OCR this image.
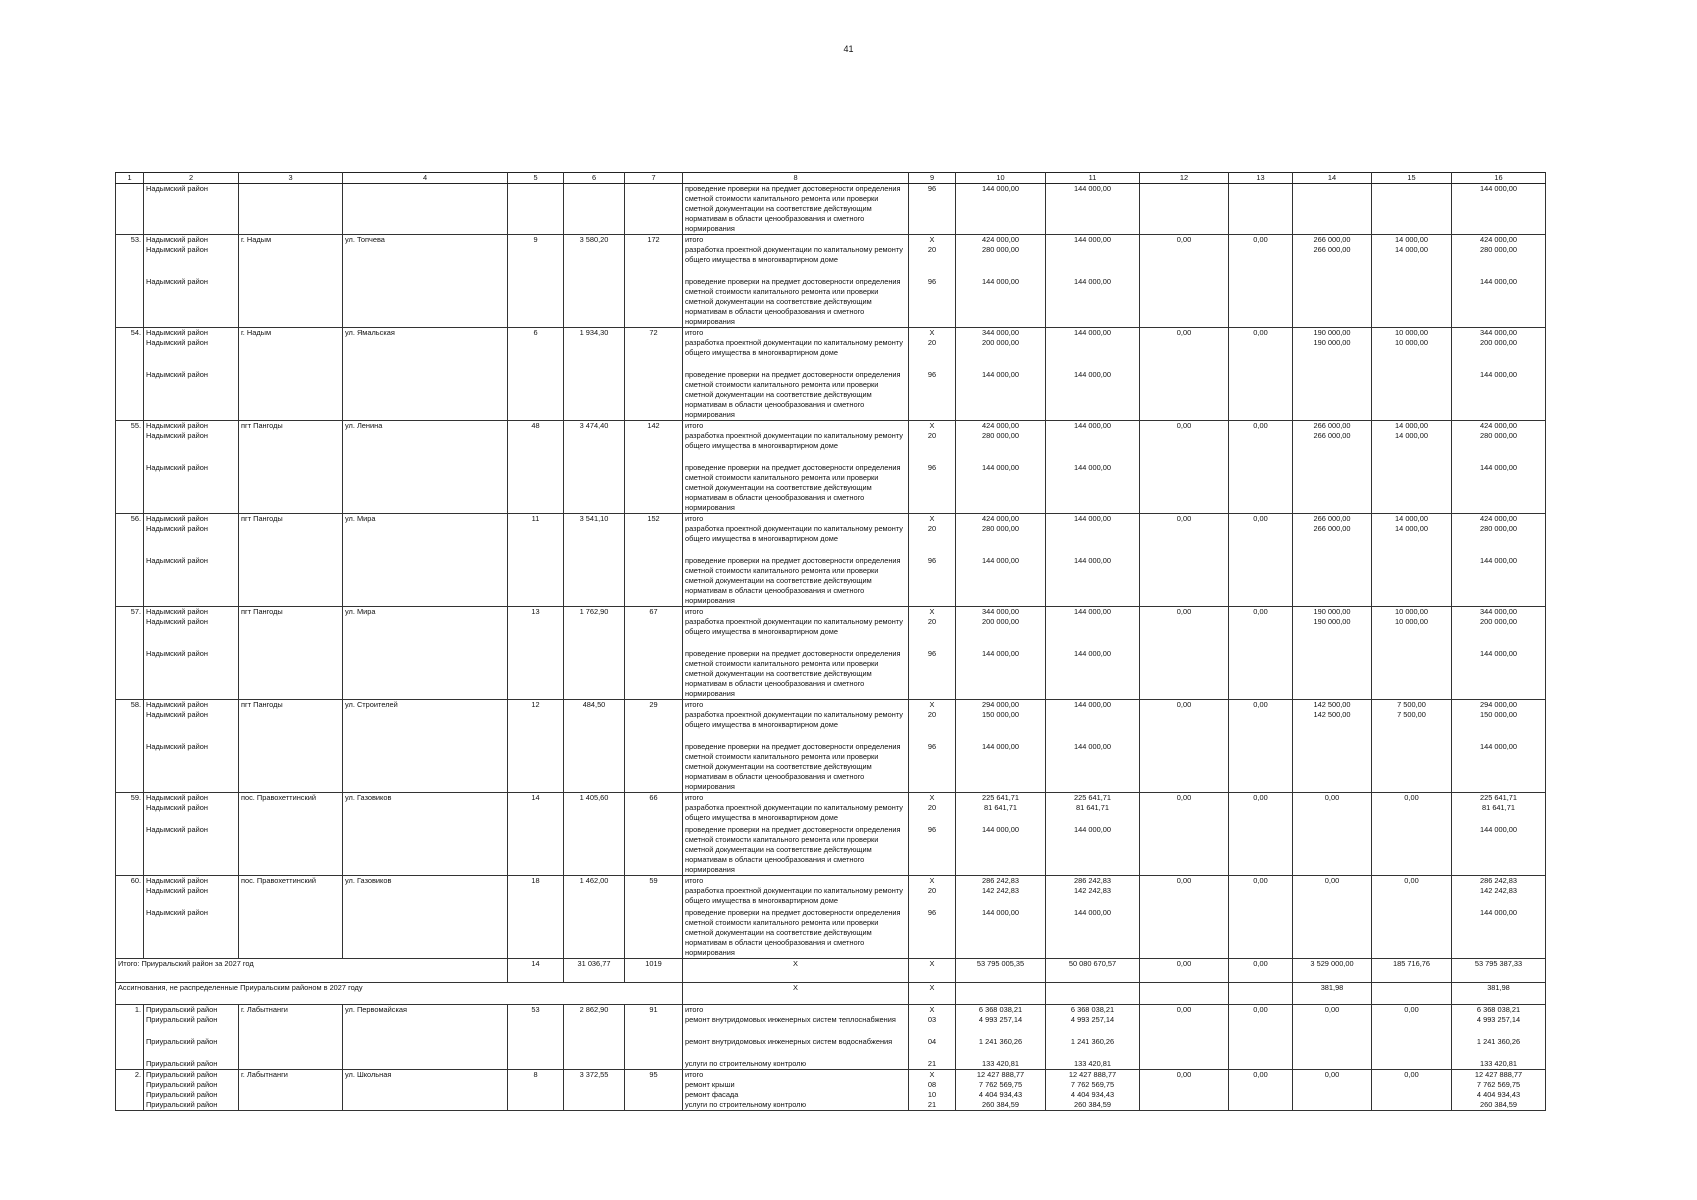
41
1	2	3	4	5	6	7	8	9	10	11	12	13	14	15	16
	Надымский район						проведение проверки на предмет достоверности определения сметной стоимости капитального ремонта или проверки сметной документации на соответствие действующим нормативам в области ценообразования и сметного нормирования	96	144 000,00	144 000,00					144 000,00
53.	Надымский район	г. Надым	ул. Топчева	9	3 580,20	172	итого	Х	424 000,00	144 000,00	0,00	0,00	266 000,00	14 000,00	424 000,00
	Надымский район						разработка проектной документации по капитальному ремонту общего имущества в многоквартирном доме	20	280 000,00				266 000,00	14 000,00	280 000,00
	Надымский район						проведение проверки на предмет достоверности определения сметной стоимости капитального ремонта или проверки сметной документации на соответствие действующим нормативам в области ценообразования и сметного нормирования	96	144 000,00	144 000,00					144 000,00
54.	Надымский район	г. Надым	ул. Ямальская	6	1 934,30	72	итого	Х	344 000,00	144 000,00	0,00	0,00	190 000,00	10 000,00	344 000,00
	Надымский район						разработка проектной документации по капитальному ремонту общего имущества в многоквартирном доме	20	200 000,00				190 000,00	10 000,00	200 000,00
	Надымский район						проведение проверки на предмет достоверности определения сметной стоимости капитального ремонта или проверки сметной документации на соответствие действующим нормативам в области ценообразования и сметного нормирования	96	144 000,00	144 000,00					144 000,00
55.	Надымский район	пгт Пангоды	ул. Ленина	48	3 474,40	142	итого	Х	424 000,00	144 000,00	0,00	0,00	266 000,00	14 000,00	424 000,00
	Надымский район						разработка проектной документации по капитальному ремонту общего имущества в многоквартирном доме	20	280 000,00				266 000,00	14 000,00	280 000,00
	Надымский район						проведение проверки на предмет достоверности определения сметной стоимости капитального ремонта или проверки сметной документации на соответствие действующим нормативам в области ценообразования и сметного нормирования	96	144 000,00	144 000,00					144 000,00
56.	Надымский район	пгт Пангоды	ул. Мира	11	3 541,10	152	итого	Х	424 000,00	144 000,00	0,00	0,00	266 000,00	14 000,00	424 000,00
	Надымский район						разработка проектной документации по капитальному ремонту общего имущества в многоквартирном доме	20	280 000,00				266 000,00	14 000,00	280 000,00
	Надымский район						проведение проверки на предмет достоверности определения сметной стоимости капитального ремонта или проверки сметной документации на соответствие действующим нормативам в области ценообразования и сметного нормирования	96	144 000,00	144 000,00					144 000,00
57.	Надымский район	пгт Пангоды	ул. Мира	13	1 762,90	67	итого	Х	344 000,00	144 000,00	0,00	0,00	190 000,00	10 000,00	344 000,00
	Надымский район						разработка проектной документации по капитальному ремонту общего имущества в многоквартирном доме	20	200 000,00				190 000,00	10 000,00	200 000,00
	Надымский район						проведение проверки на предмет достоверности определения сметной стоимости капитального ремонта или проверки сметной документации на соответствие действующим нормативам в области ценообразования и сметного нормирования	96	144 000,00	144 000,00					144 000,00
58.	Надымский район	пгт Пангоды	ул. Строителей	12	484,50	29	итого	Х	294 000,00	144 000,00	0,00	0,00	142 500,00	7 500,00	294 000,00
	Надымский район						разработка проектной документации по капитальному ремонту общего имущества в многоквартирном доме	20	150 000,00				142 500,00	7 500,00	150 000,00
	Надымский район						проведение проверки на предмет достоверности определения сметной стоимости капитального ремонта или проверки сметной документации на соответствие действующим нормативам в области ценообразования и сметного нормирования	96	144 000,00	144 000,00					144 000,00
59.	Надымский район	пос. Правохеттинский	ул. Газовиков	14	1 405,60	66	итого	Х	225 641,71	225 641,71	0,00	0,00	0,00	0,00	225 641,71
	Надымский район						разработка проектной документации по капитальному ремонту общего имущества в многоквартирном доме	20	81 641,71	81 641,71					81 641,71
	Надымский район						проведение проверки на предмет достоверности определения сметной стоимости капитального ремонта или проверки сметной документации на соответствие действующим нормативам в области ценообразования и сметного нормирования	96	144 000,00	144 000,00					144 000,00
60.	Надымский район	пос. Правохеттинский	ул. Газовиков	18	1 462,00	59	итого	Х	286 242,83	286 242,83	0,00	0,00	0,00	0,00	286 242,83
	Надымский район						разработка проектной документации по капитальному ремонту общего имущества в многоквартирном доме	20	142 242,83	142 242,83					142 242,83
	Надымский район						проведение проверки на предмет достоверности определения сметной стоимости капитального ремонта или проверки сметной документации на соответствие действующим нормативам в области ценообразования и сметного нормирования	96	144 000,00	144 000,00					144 000,00
Итого: Приуральский район за 2027 год				14	31 036,77	1019	Х	Х	53 795 005,35	50 080 670,57	0,00	0,00	3 529 000,00	185 716,76	53 795 387,33
Ассигнования, не распределенные Приуральским районом в 2027 году							Х	Х					381,98		381,98
1.	Приуральский район	г. Лабытнанги	ул. Первомайская	53	2 862,90	91	итого	Х	6 368 038,21	6 368 038,21	0,00	0,00	0,00	0,00	6 368 038,21
	Приуральский район						ремонт внутридомовых инженерных систем теплоснабжения	03	4 993 257,14	4 993 257,14					4 993 257,14
	Приуральский район						ремонт внутридомовых инженерных систем водоснабжения	04	1 241 360,26	1 241 360,26					1 241 360,26
	Приуральский район						услуги по строительному контролю	21	133 420,81	133 420,81					133 420,81
2.	Приуральский район	г. Лабытнанги	ул. Школьная	8	3 372,55	95	итого	Х	12 427 888,77	12 427 888,77	0,00	0,00	0,00	0,00	12 427 888,77
	Приуральский район						ремонт крыши	08	7 762 569,75	7 762 569,75					7 762 569,75
	Приуральский район						ремонт фасада	10	4 404 934,43	4 404 934,43					4 404 934,43
	Приуральский район						услуги по строительному контролю	21	260 384,59	260 384,59					260 384,59
